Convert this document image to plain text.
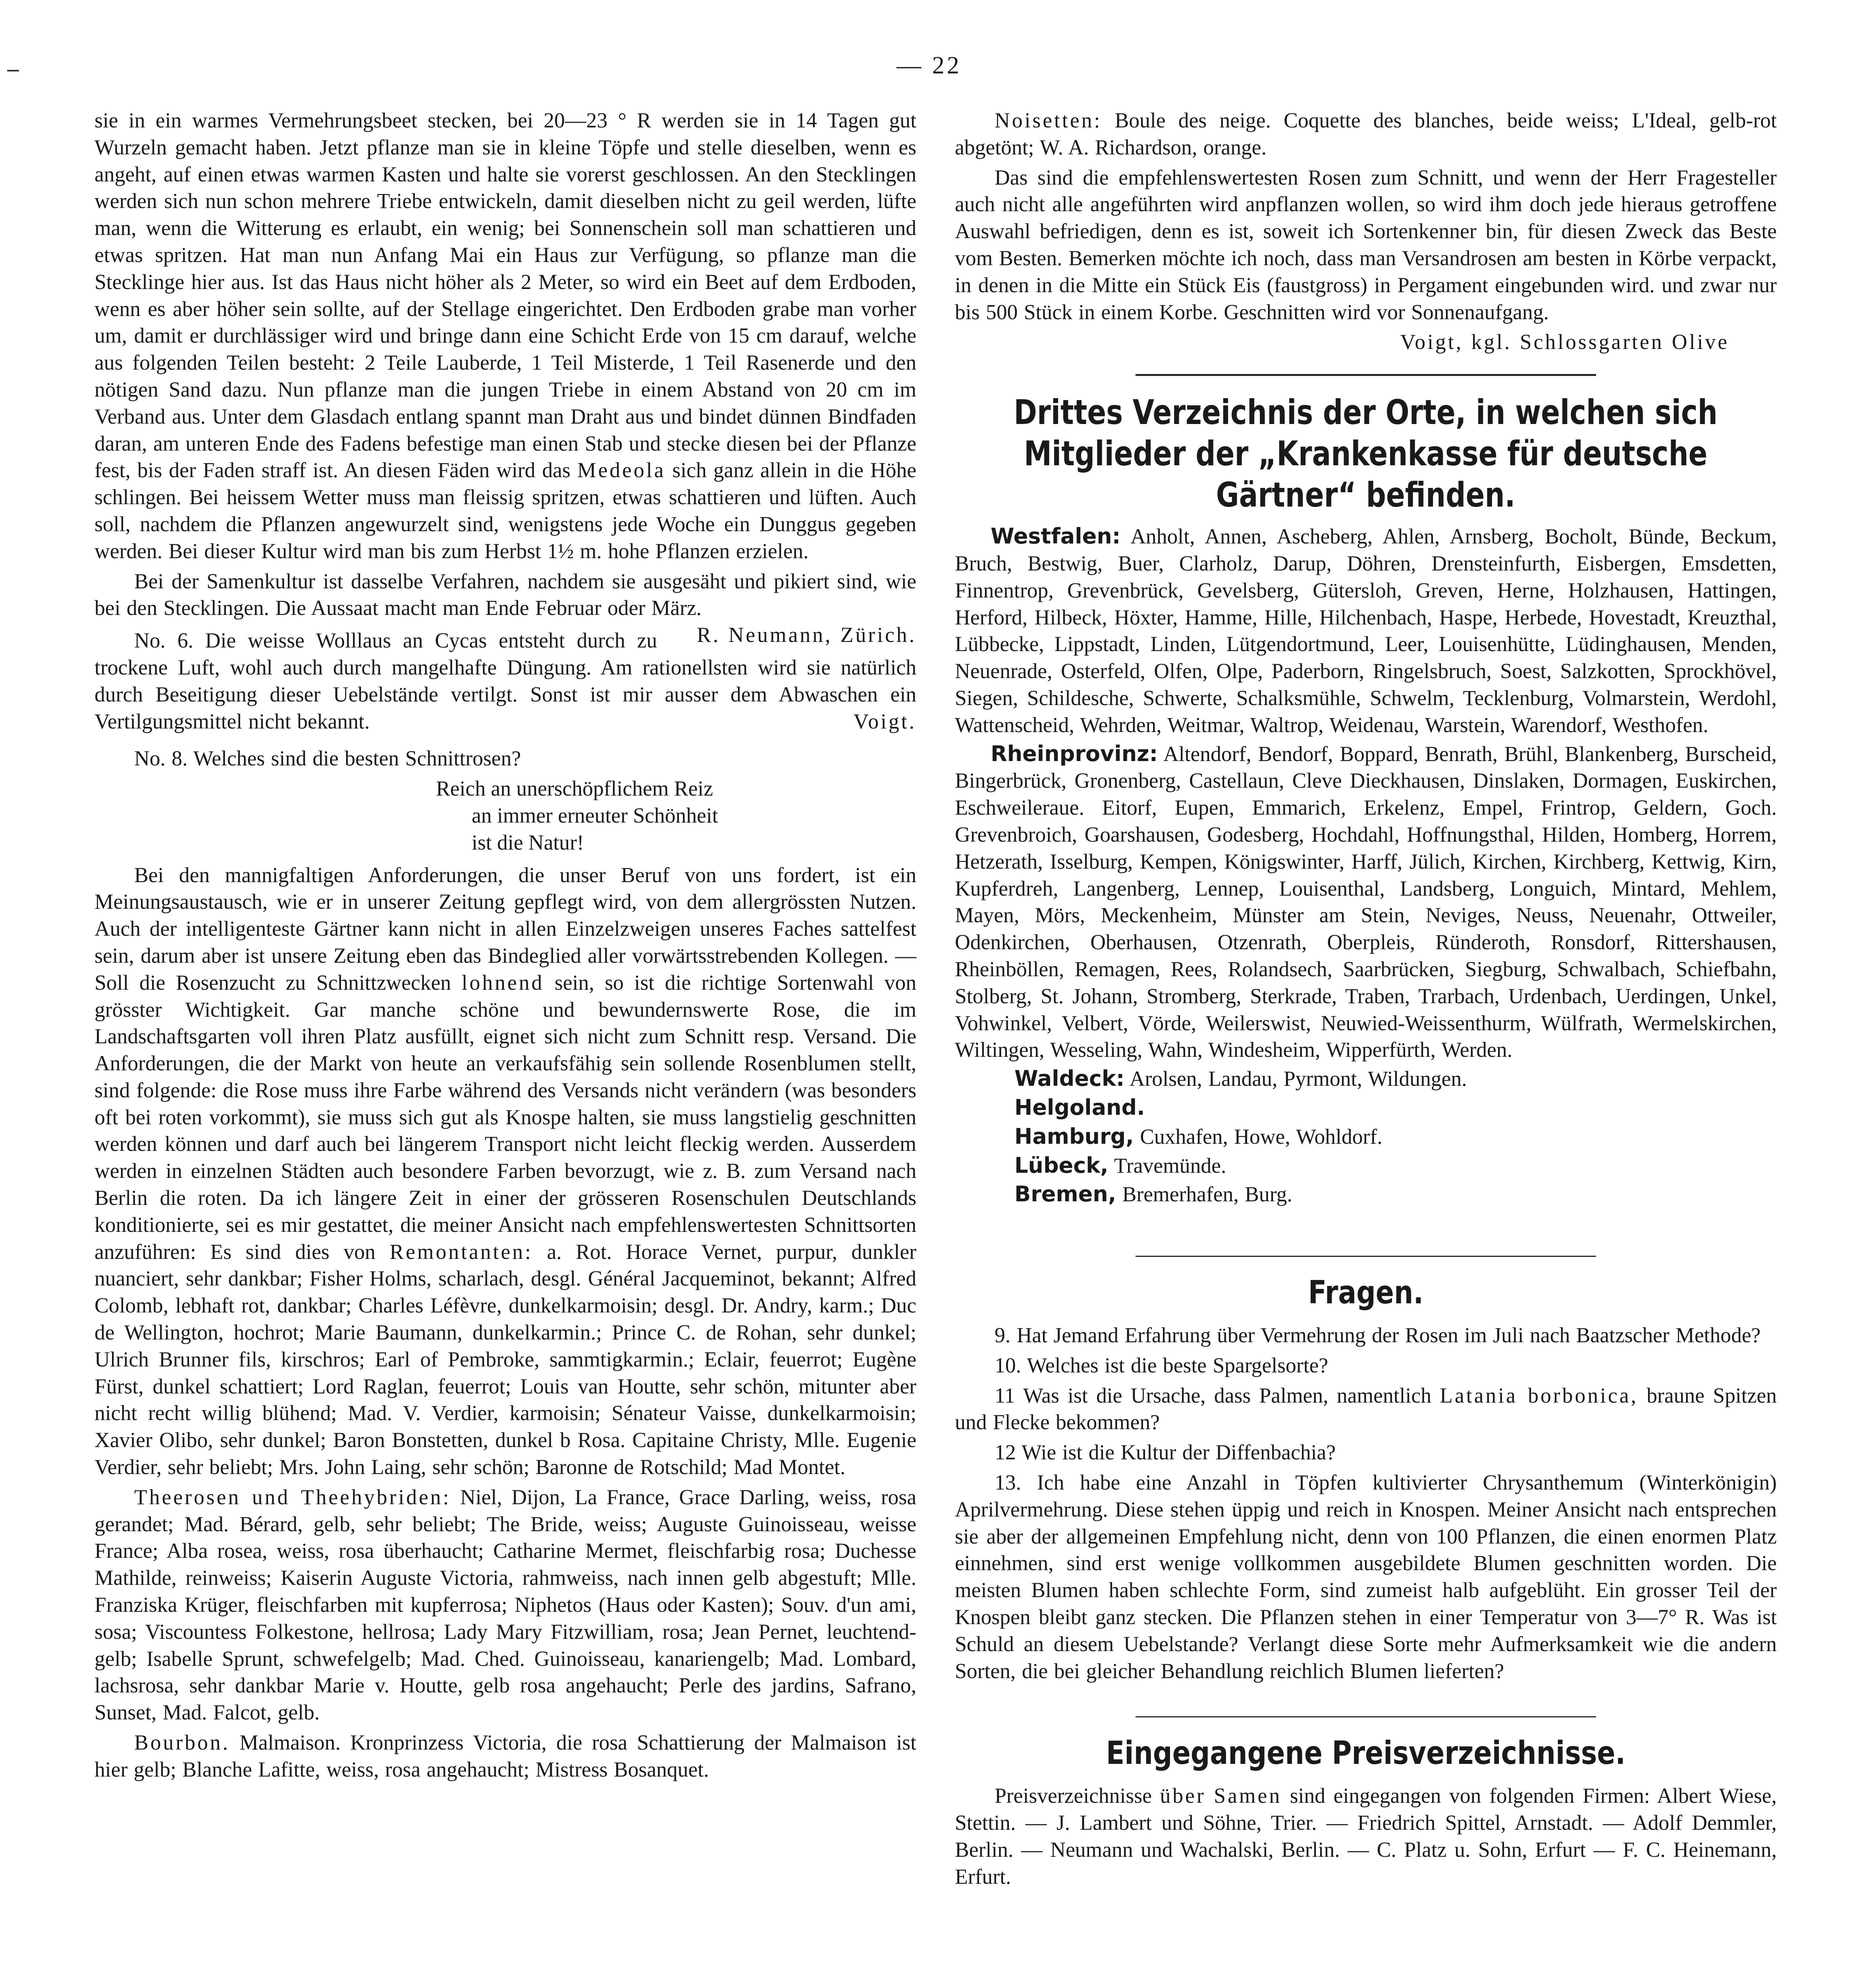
— 22

sie in ein warmes Vermehrungsbeet stecken, bei 20—23 ° R werden sie in 14 Tagen gut Wurzeln gemacht haben. Jetzt pflanze man sie in kleine Töpfe und stelle dieselben, wenn es angeht, auf einen etwas warmen Kasten und halte sie vorerst geschlossen. An den Stecklingen werden sich nun schon mehrere Triebe entwickeln, damit dieselben nicht zu geil werden, lüfte man, wenn die Witterung es erlaubt, ein wenig; bei Sonnenschein soll man schattieren und etwas spritzen. Hat man nun Anfang Mai ein Haus zur Verfügung, so pflanze man die Stecklinge hier aus. Ist das Haus nicht höher als 2 Meter, so wird ein Beet auf dem Erdboden, wenn es aber höher sein sollte, auf der Stellage eingerichtet. Den Erdboden grabe man vorher um, damit er durchlässiger wird und bringe dann eine Schicht Erde von 15 cm darauf, welche aus folgenden Teilen besteht: 2 Teile Lauberde, 1 Teil Misterde, 1 Teil Rasenerde und den nötigen Sand dazu. Nun pflanze man die jungen Triebe in einem Abstand von 20 cm im Verband aus. Unter dem Glasdach entlang spannt man Draht aus und bindet dünnen Bindfaden daran, am unteren Ende des Fadens befestige man einen Stab und stecke diesen bei der Pflanze fest, bis der Faden straff ist. An diesen Fäden wird das Medeola sich ganz allein in die Höhe schlingen. Bei heissem Wetter muss man fleissig spritzen, etwas schattieren und lüften. Auch soll, nachdem die Pflanzen angewurzelt sind, wenigstens jede Woche ein Dunggus gegeben werden. Bei dieser Kultur wird man bis zum Herbst 1½ m. hohe Pflanzen erzielen.

Bei der Samenkultur ist dasselbe Verfahren, nachdem sie ausgesäht und pikiert sind, wie bei den Stecklingen. Die Aussaat macht man Ende Februar oder März.
R. Neumann, Zürich.

No. 6. Die weisse Wolllaus an Cycas entsteht durch zu trockene Luft, wohl auch durch mangelhafte Düngung. Am rationellsten wird sie natürlich durch Beseitigung dieser Uebelstände vertilgt. Sonst ist mir ausser dem Abwaschen ein Vertilgungsmittel nicht bekannt.	Voigt.

No. 8. Welches sind die besten Schnittrosen?

Reich an unerschöpflichem Reiz
an immer erneuter Schönheit
ist die Natur!

Bei den mannigfaltigen Anforderungen, die unser Beruf von uns fordert, ist ein Meinungsaustausch, wie er in unserer Zeitung gepflegt wird, von dem allergrössten Nutzen. Auch der intelligenteste Gärtner kann nicht in allen Einzelzweigen unseres Faches sattelfest sein, darum aber ist unsere Zeitung eben das Bindeglied aller vorwärtsstrebenden Kollegen. — Soll die Rosenzucht zu Schnittzwecken lohnend sein, so ist die richtige Sortenwahl von grösster Wichtigkeit. Gar manche schöne und bewundernswerte Rose, die im Landschaftsgarten voll ihren Platz ausfüllt, eignet sich nicht zum Schnitt resp. Versand. Die Anforderungen, die der Markt von heute an verkaufsfähig sein sollende Rosenblumen stellt, sind folgende: die Rose muss ihre Farbe während des Versands nicht verändern (was besonders oft bei roten vorkommt), sie muss sich gut als Knospe halten, sie muss langstielig geschnitten werden können und darf auch bei längerem Transport nicht leicht fleckig werden. Ausserdem werden in einzelnen Städten auch besondere Farben bevorzugt, wie z. B. zum Versand nach Berlin die roten. Da ich längere Zeit in einer der grösseren Rosenschulen Deutschlands konditionierte, sei es mir gestattet, die meiner Ansicht nach empfehlenswertesten Schnittsorten anzuführen: Es sind dies von Remontanten: a. Rot. Horace Vernet, purpur, dunkler nuanciert, sehr dankbar; Fisher Holms, scharlach, desgl. Général Jacqueminot, bekannt; Alfred Colomb, lebhaft rot, dankbar; Charles Léfèvre, dunkelkarmoisin; desgl. Dr. Andry, karm.; Duc de Wellington, hochrot; Marie Baumann, dunkelkarmin.; Prince C. de Rohan, sehr dunkel; Ulrich Brunner fils, kirschros; Earl of Pembroke, sammtigkarmin.; Eclair, feuerrot; Eugène Fürst, dunkel schattiert; Lord Raglan, feuerrot; Louis van Houtte, sehr schön, mitunter aber nicht recht willig blühend; Mad. V. Verdier, karmoisin; Sénateur Vaisse, dunkelkarmoisin; Xavier Olibo, sehr dunkel; Baron Bonstetten, dunkel b Rosa. Capitaine Christy, Mlle. Eugenie Verdier, sehr beliebt; Mrs. John Laing, sehr schön; Baronne de Rotschild; Mad Montet.

Theerosen und Theehybriden: Niel, Dijon, La France, Grace Darling, weiss, rosa gerandet; Mad. Bérard, gelb, sehr beliebt; The Bride, weiss; Auguste Guinoisseau, weisse France; Alba rosea, weiss, rosa überhaucht; Catharine Mermet, fleischfarbig rosa; Duchesse Mathilde, reinweiss; Kaiserin Auguste Victoria, rahmweiss, nach innen gelb abgestuft; Mlle. Franziska Krüger, fleischfarben mit kupferrosa; Niphetos (Haus oder Kasten); Souv. d'un ami, sosa; Viscountess Folkestone, hellrosa; Lady Mary Fitzwilliam, rosa; Jean Pernet, leuchtend-gelb; Isabelle Sprunt, schwefelgelb; Mad. Ched. Guinoisseau, kanariengelb; Mad. Lombard, lachsrosa, sehr dankbar Marie v. Houtte, gelb rosa angehaucht; Perle des jardins, Safrano, Sunset, Mad. Falcot, gelb.

Bourbon. Malmaison. Kronprinzess Victoria, die rosa Schattierung der Malmaison ist hier gelb; Blanche Lafitte, weiss, rosa angehaucht; Mistress Bosanquet.

Noisetten: Boule des neige. Coquette des blanches, beide weiss; L'Ideal, gelb-rot abgetönt; W. A. Richardson, orange.

Das sind die empfehlenswertesten Rosen zum Schnitt, und wenn der Herr Fragesteller auch nicht alle angeführten wird anpflanzen wollen, so wird ihm doch jede hieraus getroffene Auswahl befriedigen, denn es ist, soweit ich Sortenkenner bin, für diesen Zweck das Beste vom Besten. Bemerken möchte ich noch, dass man Versandrosen am besten in Körbe verpackt, in denen in die Mitte ein Stück Eis (faustgross) in Pergament eingebunden wird. und zwar nur bis 500 Stück in einem Korbe. Geschnitten wird vor Sonnenaufgang.

Voigt, kgl. Schlossgarten Olive

Drittes Verzeichnis der Orte, in welchen sich Mitglieder der „Krankenkasse für deutsche Gärtner“ befinden.

Westfalen: Anholt, Annen, Ascheberg, Ahlen, Arnsberg, Bocholt, Bünde, Beckum, Bruch, Bestwig, Buer, Clarholz, Darup, Döhren, Drensteinfurth, Eisbergen, Emsdetten, Finnentrop, Grevenbrück, Gevelsberg, Gütersloh, Greven, Herne, Holzhausen, Hattingen, Herford, Hilbeck, Höxter, Hamme, Hille, Hilchenbach, Haspe, Herbede, Hovestadt, Kreuzthal, Lübbecke, Lippstadt, Linden, Lütgendortmund, Leer, Louisenhütte, Lüdinghausen, Menden, Neuenrade, Osterfeld, Olfen, Olpe, Paderborn, Ringelsbruch, Soest, Salzkotten, Sprockhövel, Siegen, Schildesche, Schwerte, Schalksmühle, Schwelm, Tecklenburg, Volmarstein, Werdohl, Wattenscheid, Wehrden, Weitmar, Waltrop, Weidenau, Warstein, Warendorf, Westhofen.

Rheinprovinz: Altendorf, Bendorf, Boppard, Benrath, Brühl, Blankenberg, Burscheid, Bingerbrück, Gronenberg, Castellaun, Cleve Dieckhausen, Dinslaken, Dormagen, Euskirchen, Eschweileraue. Eitorf, Eupen, Emmarich, Erkelenz, Empel, Frintrop, Geldern, Goch. Grevenbroich, Goarshausen, Godesberg, Hochdahl, Hoffnungsthal, Hilden, Homberg, Horrem, Hetzerath, Isselburg, Kempen, Königswinter, Harff, Jülich, Kirchen, Kirchberg, Kettwig, Kirn, Kupferdreh, Langenberg, Lennep, Louisenthal, Landsberg, Longuich, Mintard, Mehlem, Mayen, Mörs, Meckenheim, Münster am Stein, Neviges, Neuss, Neuenahr, Ottweiler, Odenkirchen, Oberhausen, Otzenrath, Oberpleis, Ründeroth, Ronsdorf, Rittershausen, Rheinböllen, Remagen, Rees, Rolandsech, Saarbrücken, Siegburg, Schwalbach, Schiefbahn, Stolberg, St. Johann, Stromberg, Sterkrade, Traben, Trarbach, Urdenbach, Uerdingen, Unkel, Vohwinkel, Velbert, Vörde, Weilerswist, Neuwied-Weissenthurm, Wülfrath, Wermelskirchen, Wiltingen, Wesseling, Wahn, Windesheim, Wipperfürth, Werden.

Waldeck: Arolsen, Landau, Pyrmont, Wildungen.

Helgoland.

Hamburg, Cuxhafen, Howe, Wohldorf.

Lübeck, Travemünde.

Bremen, Bremerhafen, Burg.

Fragen.

9. Hat Jemand Erfahrung über Vermehrung der Rosen im Juli nach Baatzscher Methode?

10. Welches ist die beste Spargelsorte?

11 Was ist die Ursache, dass Palmen, namentlich Latania borbonica, braune Spitzen und Flecke bekommen?

12 Wie ist die Kultur der Diffenbachia?

13. Ich habe eine Anzahl in Töpfen kultivierter Chrysanthemum (Winterkönigin) Aprilvermehrung. Diese stehen üppig und reich in Knospen. Meiner Ansicht nach entsprechen sie aber der allgemeinen Empfehlung nicht, denn von 100 Pflanzen, die einen enormen Platz einnehmen, sind erst wenige vollkommen ausgebildete Blumen geschnitten worden. Die meisten Blumen haben schlechte Form, sind zumeist halb aufgeblüht. Ein grosser Teil der Knospen bleibt ganz stecken. Die Pflanzen stehen in einer Temperatur von 3—7° R. Was ist Schuld an diesem Uebelstande? Verlangt diese Sorte mehr Aufmerksamkeit wie die andern Sorten, die bei gleicher Behandlung reichlich Blumen lieferten?

Eingegangene Preisverzeichnisse.

Preisverzeichnisse über Samen sind eingegangen von folgenden Firmen: Albert Wiese, Stettin. — J. Lambert und Söhne, Trier. — Friedrich Spittel, Arnstadt. — Adolf Demmler, Berlin. — Neumann und Wachalski, Berlin. — C. Platz u. Sohn, Erfurt — F. C. Heinemann, Erfurt.
